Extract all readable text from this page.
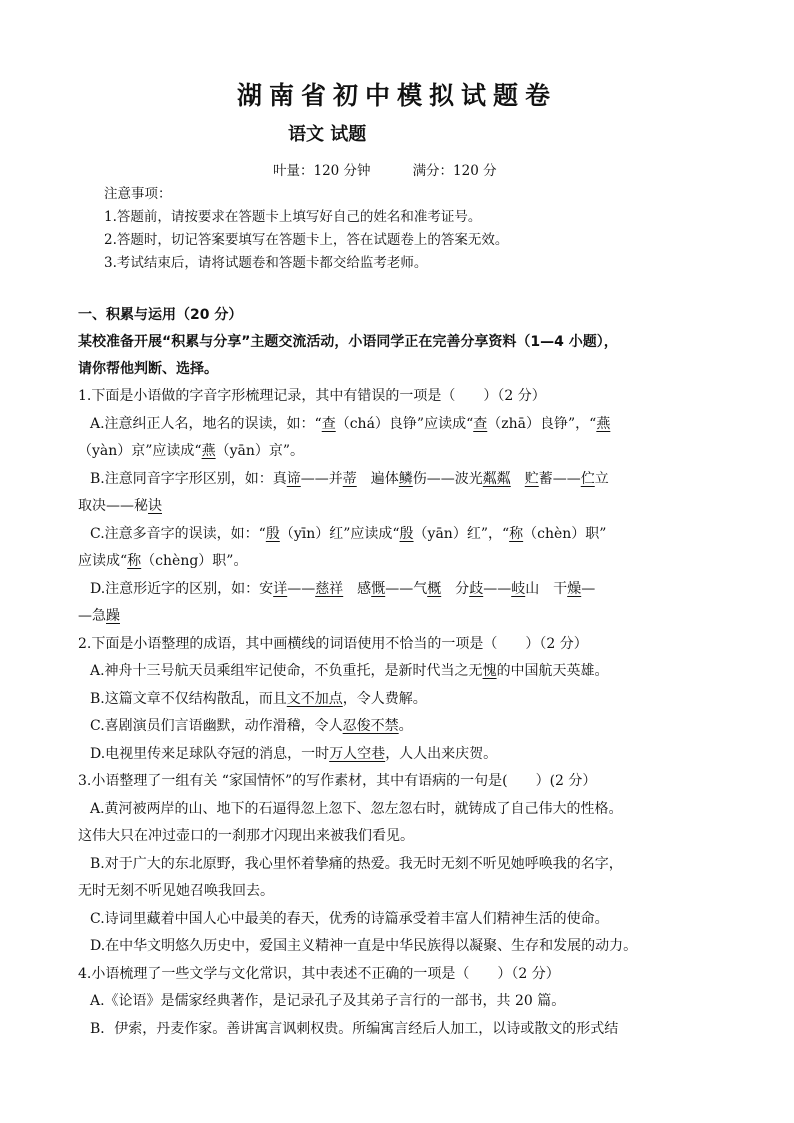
湖南省初中模拟试题卷
语文 试题
叶量：120 分钟	满分：120 分
注意事项：
1.答题前，请按要求在答题卡上填写好自己的姓名和准考证号。
2.答题时，切记答案要填写在答题卡上，答在试题卷上的答案无效。
3.考试结束后，请将试题卷和答题卡都交给监考老师。
一、积累与运用（20 分）
某校准备开展“积累与分享”主题交流活动，小语同学正在完善分享资料（1—4 小题），
请你帮他判断、选择。
1.下面是小语做的字音字形梳理记录，其中有错误的一项是（　　）（2 分）
A.注意纠正人名，地名的误读，如：“查（chá）良铮”应读成“查（zhā）良铮”，“燕
（yàn）京”应读成“燕（yān）京”。
B.注意同音字字形区别，如：真谛——并蒂　遍体鳞伤——波光粼粼　 贮蓄——伫立
取决——秘诀
C.注意多音字的误读，如：“殷（yīn）红”应读成“殷（yān）红”，“称（chèn）职”
应读成“称（chèng）职”。
D.注意形近字的区别，如：安详——慈祥　感慨——气概　分歧——岐山　干燥—
—急躁
2.下面是小语整理的成语，其中画横线的词语使用不恰当的一项是（　　）（2 分）
A.神舟十三号航天员乘组牢记使命，不负重托，是新时代当之无愧的中国航天英雄。
B.这篇文章不仅结构散乱，而且文不加点，令人费解。
C.喜剧演员们言语幽默，动作滑稽，令人忍俊不禁。
D.电视里传来足球队夺冠的消息，一时万人空巷，人人出来庆贺。
3.小语整理了一组有关 “家国情怀”的写作素材，其中有语病的一句是(　　）(2 分）
A.黄河被两岸的山、地下的石逼得忽上忽下、忽左忽右时，就铸成了自己伟大的性格。
这伟大只在冲过壶口的一刹那才闪现出来被我们看见。
B.对于广大的东北原野，我心里怀着挚痛的热爱。我无时无刻不听见她呼唤我的名字，
无时无刻不听见她召唤我回去。
C.诗词里藏着中国人心中最美的春天，优秀的诗篇承受着丰富人们精神生活的使命。
D.在中华文明悠久历史中，爱国主义精神一直是中华民族得以凝聚、生存和发展的动力。
4.小语梳理了一些文学与文化常识，其中表述不正确的一项是（　　）（2 分）
A.《论语》是儒家经典著作，是记录孔子及其弟子言行的一部书，共 20 篇。
B．伊索，丹麦作家。善讲寓言讽刺权贵。所编寓言经后人加工，以诗或散文的形式结
